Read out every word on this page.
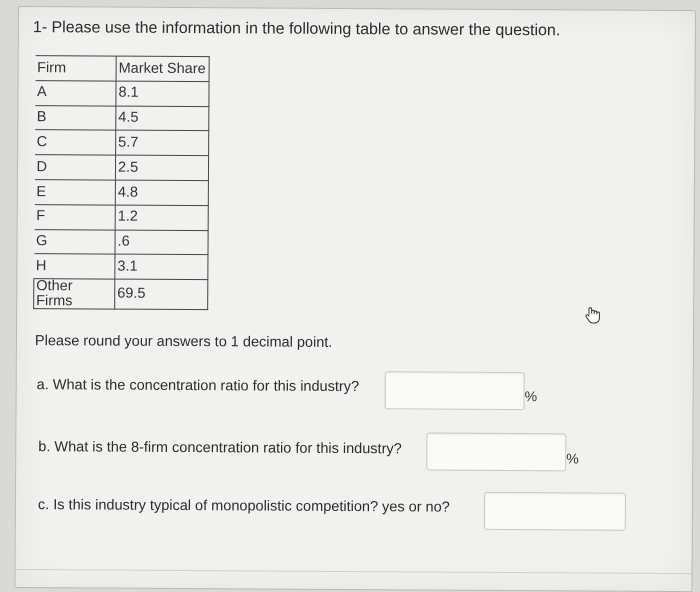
1- Please use the information in the following table to answer the question.
Firm	Market Share
A	8.1
B	4.5
C	5.7
D	2.5
E	4.8
F	1.2
G	.6
H	3.1
Other Firms	69.5
Please round your answers to 1 decimal point.
a. What is the concentration ratio for this industry?
%
b. What is the 8-firm concentration ratio for this industry?
%
c. Is this industry typical of monopolistic competition? yes or no?
